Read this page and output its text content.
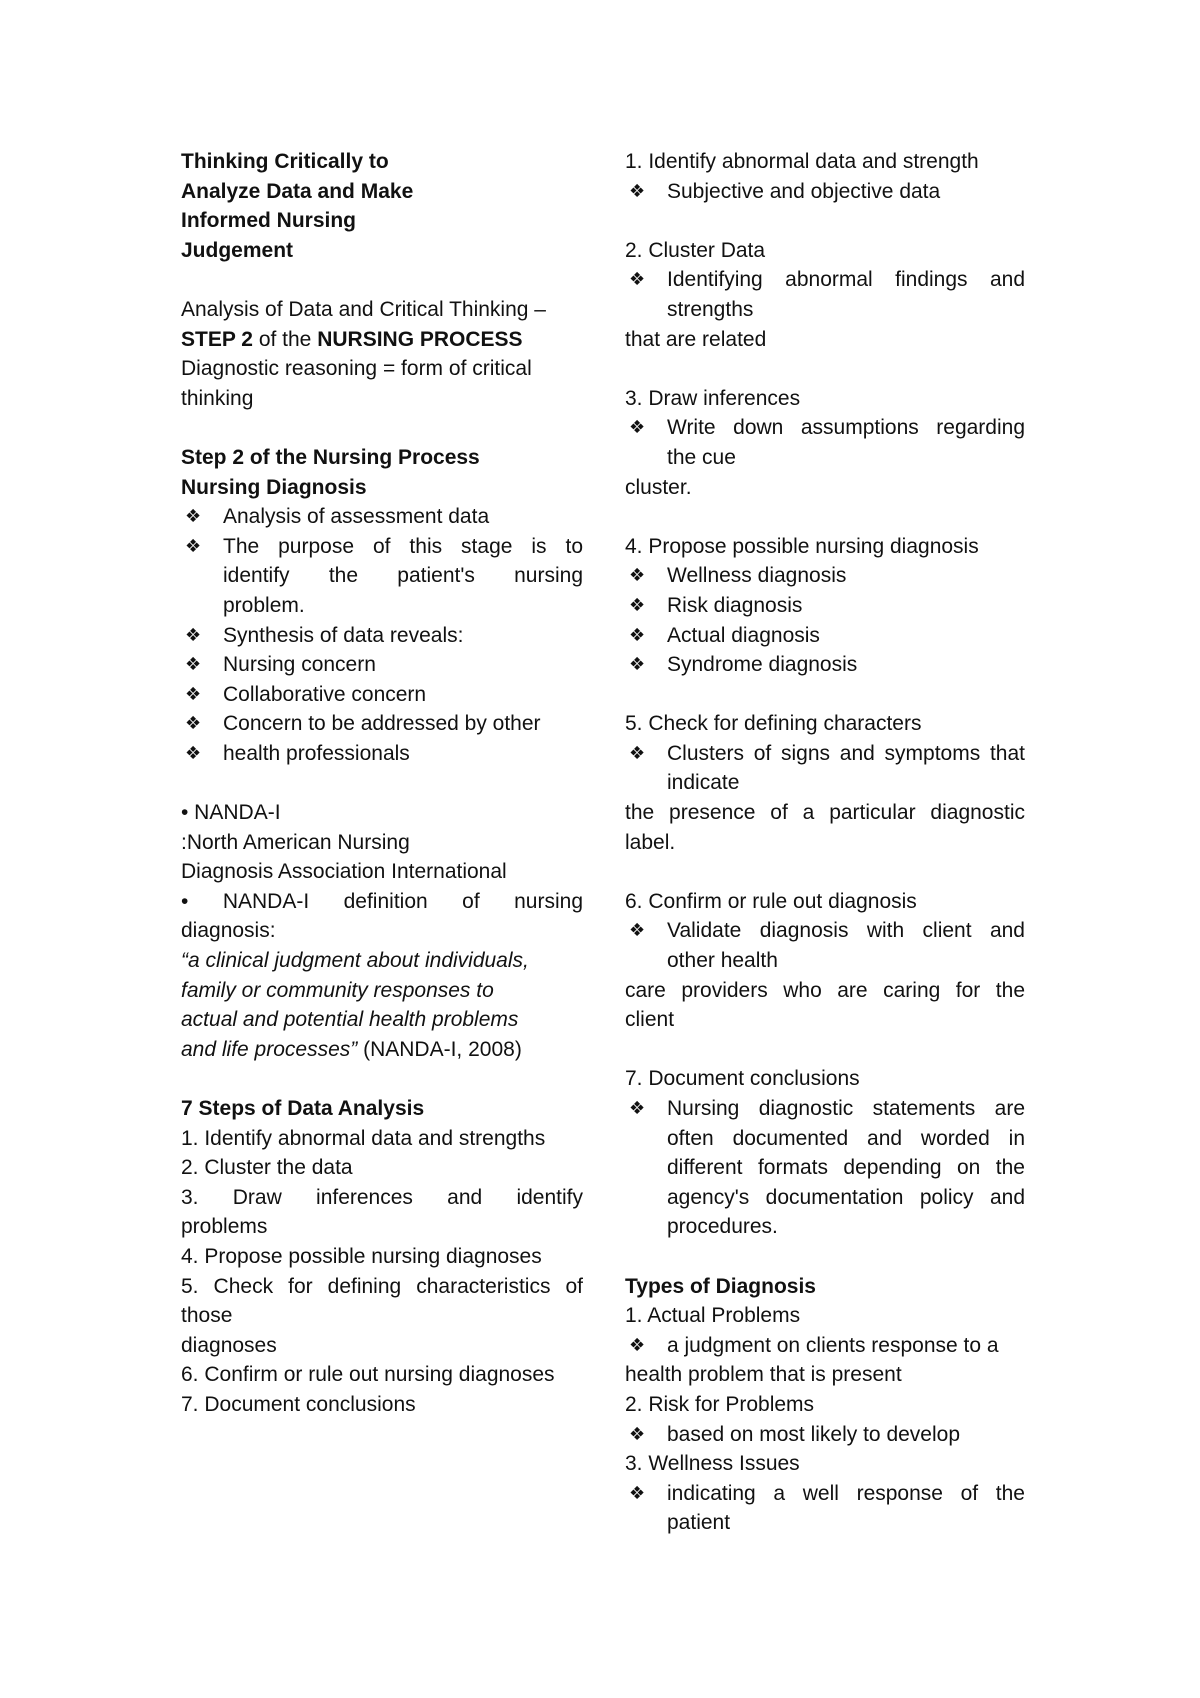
Thinking Critically to
Analyze Data and Make
Informed Nursing
Judgement
Analysis of Data and Critical Thinking –
STEP 2 of the NURSING PROCESS
Diagnostic reasoning = form of critical
thinking
Step 2 of the Nursing Process
Nursing Diagnosis
❖ Analysis of assessment data
❖ The purpose of this stage is to
identify the patient's nursing
problem.
❖ Synthesis of data reveals:
❖ Nursing concern
❖ Collaborative concern
❖ Concern to be addressed by other
❖ health professionals
• NANDA-I
:North American Nursing
Diagnosis Association International
• NANDA-I definition of nursing
diagnosis:
“a clinical judgment about individuals,
family or community responses to
actual and potential health problems
and life processes” (NANDA-I, 2008)
7 Steps of Data Analysis
1. Identify abnormal data and strengths
2. Cluster the data
3. Draw inferences and identify
problems
4. Propose possible nursing diagnoses
5. Check for defining characteristics of
those
diagnoses
6. Confirm or rule out nursing diagnoses
7. Document conclusions
1. Identify abnormal data and strength
❖ Subjective and objective data
2. Cluster Data
❖ Identifying abnormal findings and
strengths
that are related
3. Draw inferences
❖ Write down assumptions regarding
the cue
cluster.
4. Propose possible nursing diagnosis
❖ Wellness diagnosis
❖ Risk diagnosis
❖ Actual diagnosis
❖ Syndrome diagnosis
5. Check for defining characters
❖ Clusters of signs and symptoms that
indicate
the presence of a particular diagnostic
label.
6. Confirm or rule out diagnosis
❖ Validate diagnosis with client and
other health
care providers who are caring for the
client
7. Document conclusions
❖ Nursing diagnostic statements are
often documented and worded in
different formats depending on the
agency's documentation policy and
procedures.
Types of Diagnosis
1. Actual Problems
❖ a judgment on clients response to a
health problem that is present
2. Risk for Problems
❖ based on most likely to develop
3. Wellness Issues
❖ indicating a well response of the
patient
